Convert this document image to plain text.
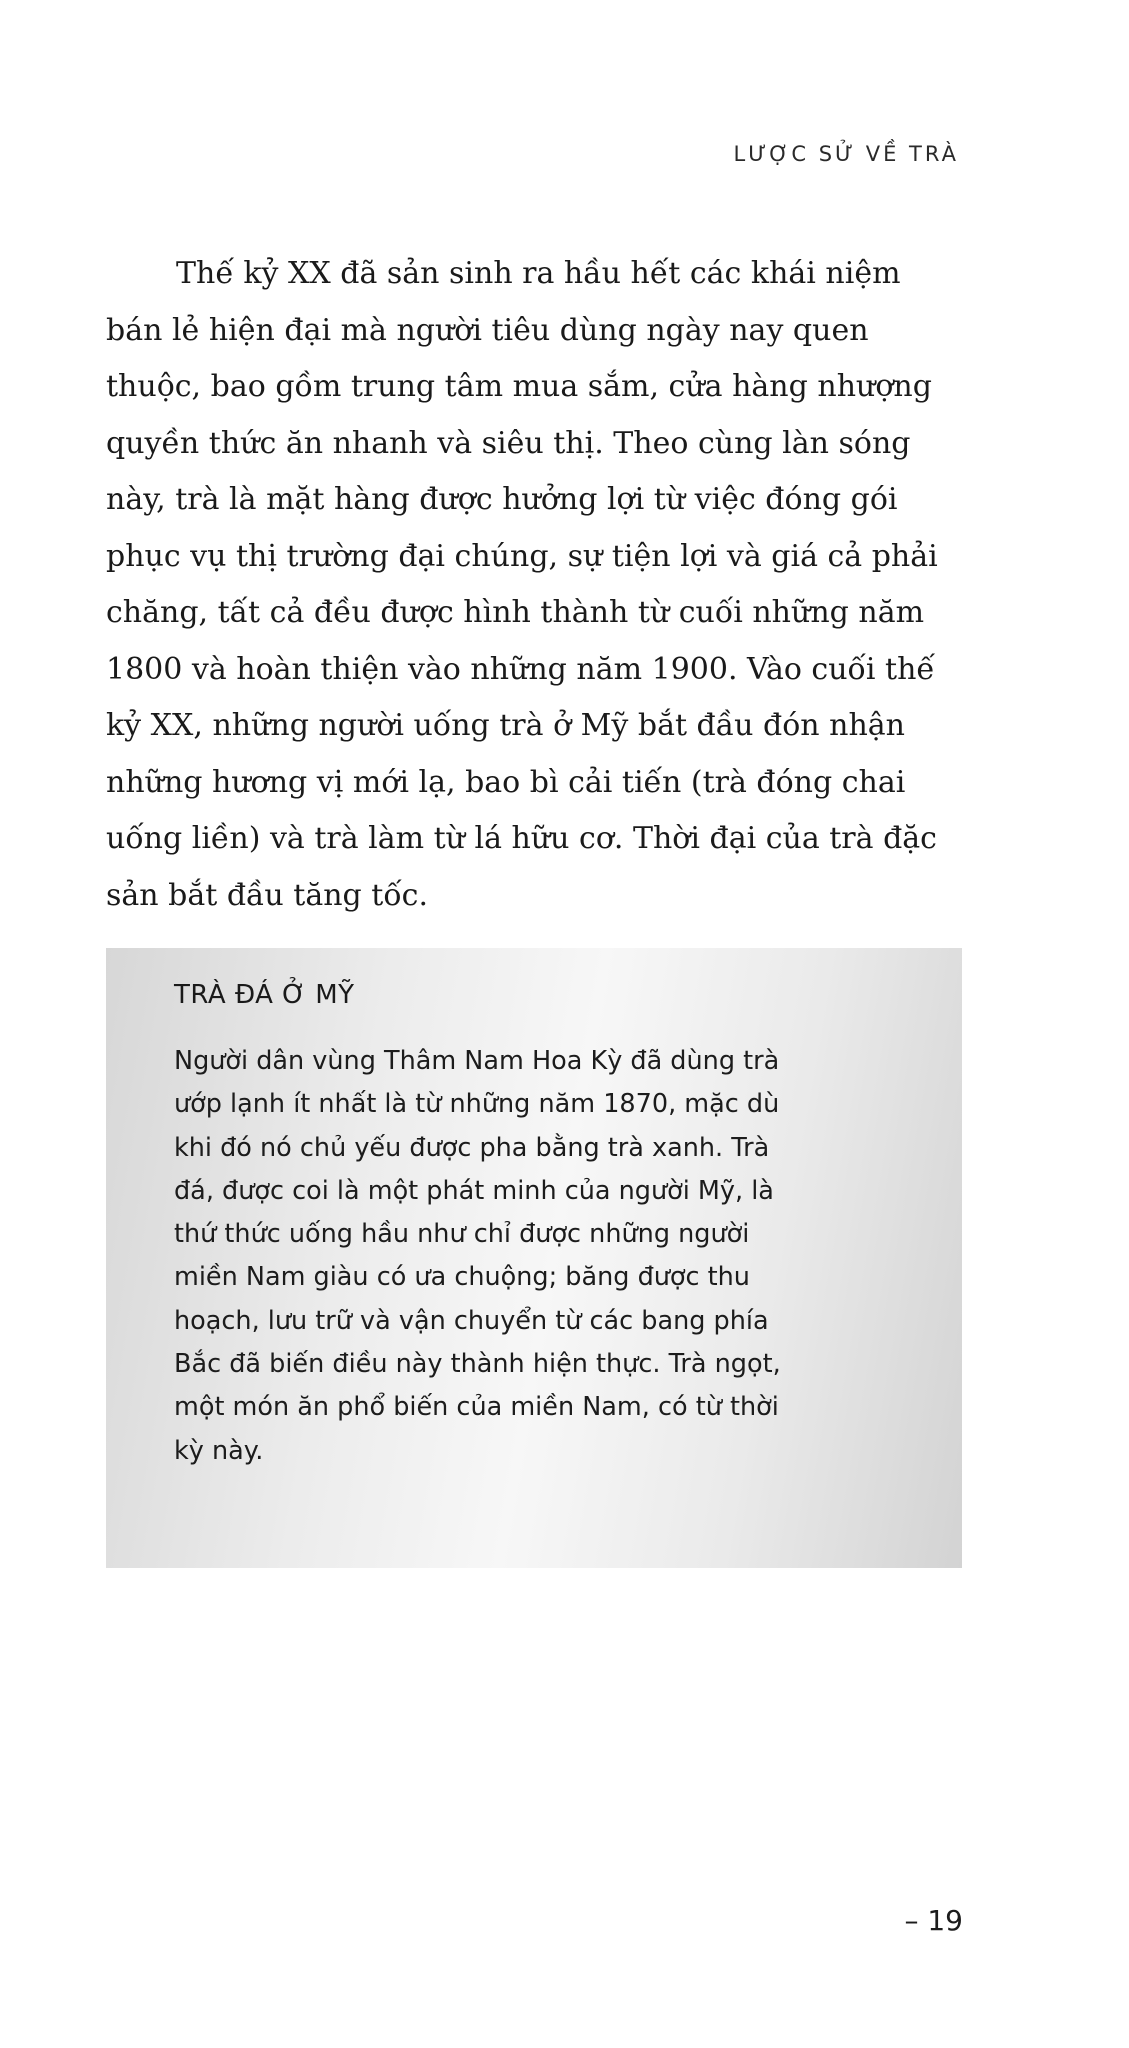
LƯỢC SỬ VỀ TRÀ
Thế kỷ XX đã sản sinh ra hầu hết các khái niệm
bán lẻ hiện đại mà người tiêu dùng ngày nay quen
thuộc, bao gồm trung tâm mua sắm, cửa hàng nhượng
quyền thức ăn nhanh và siêu thị. Theo cùng làn sóng
này, trà là mặt hàng được hưởng lợi từ việc đóng gói
phục vụ thị trường đại chúng, sự tiện lợi và giá cả phải
chăng, tất cả đều được hình thành từ cuối những năm
1800 và hoàn thiện vào những năm 1900. Vào cuối thế
kỷ XX, những người uống trà ở Mỹ bắt đầu đón nhận
những hương vị mới lạ, bao bì cải tiến (trà đóng chai
uống liền) và trà làm từ lá hữu cơ. Thời đại của trà đặc
sản bắt đầu tăng tốc.
TRÀ ĐÁ Ở MỸ
Người dân vùng Thâm Nam Hoa Kỳ đã dùng trà
ướp lạnh ít nhất là từ những năm 1870, mặc dù
khi đó nó chủ yếu được pha bằng trà xanh. Trà
đá, được coi là một phát minh của người Mỹ, là
thứ thức uống hầu như chỉ được những người
miền Nam giàu có ưa chuộng; băng được thu
hoạch, lưu trữ và vận chuyển từ các bang phía
Bắc đã biến điều này thành hiện thực. Trà ngọt,
một món ăn phổ biến của miền Nam, có từ thời
kỳ này.
– 19
